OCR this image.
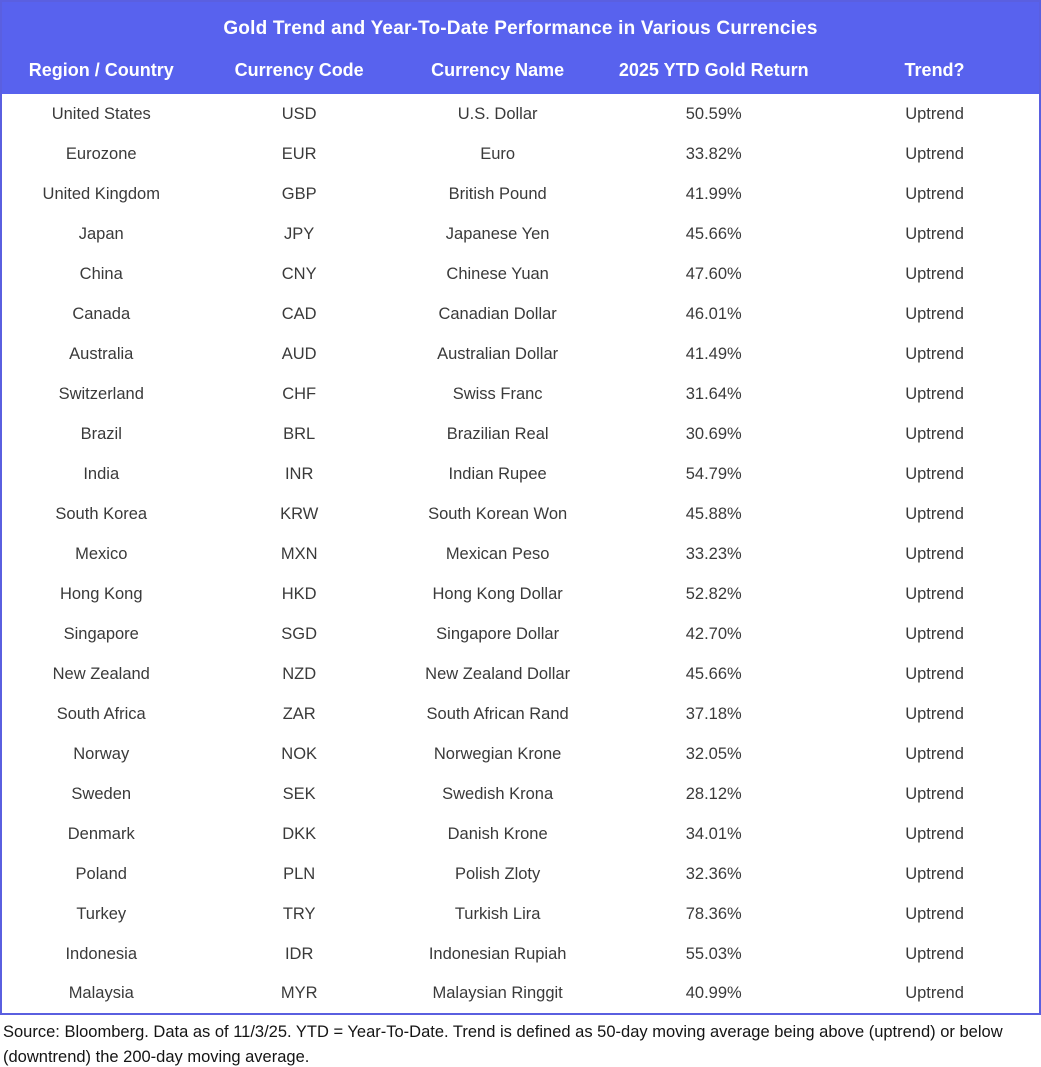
Gold Trend and Year-To-Date Performance in Various Currencies				
Region / Country	Currency Code	Currency Name	2025 YTD Gold Return	Trend?
United States	USD	U.S. Dollar	50.59%	Uptrend
Eurozone	EUR	Euro	33.82%	Uptrend
United Kingdom	GBP	British Pound	41.99%	Uptrend
Japan	JPY	Japanese Yen	45.66%	Uptrend
China	CNY	Chinese Yuan	47.60%	Uptrend
Canada	CAD	Canadian Dollar	46.01%	Uptrend
Australia	AUD	Australian Dollar	41.49%	Uptrend
Switzerland	CHF	Swiss Franc	31.64%	Uptrend
Brazil	BRL	Brazilian Real	30.69%	Uptrend
India	INR	Indian Rupee	54.79%	Uptrend
South Korea	KRW	South Korean Won	45.88%	Uptrend
Mexico	MXN	Mexican Peso	33.23%	Uptrend
Hong Kong	HKD	Hong Kong Dollar	52.82%	Uptrend
Singapore	SGD	Singapore Dollar	42.70%	Uptrend
New Zealand	NZD	New Zealand Dollar	45.66%	Uptrend
South Africa	ZAR	South African Rand	37.18%	Uptrend
Norway	NOK	Norwegian Krone	32.05%	Uptrend
Sweden	SEK	Swedish Krona	28.12%	Uptrend
Denmark	DKK	Danish Krone	34.01%	Uptrend
Poland	PLN	Polish Zloty	32.36%	Uptrend
Turkey	TRY	Turkish Lira	78.36%	Uptrend
Indonesia	IDR	Indonesian Rupiah	55.03%	Uptrend
Malaysia	MYR	Malaysian Ringgit	40.99%	Uptrend
Source: Bloomberg. Data as of 11/3/25. YTD = Year-To-Date. Trend is defined as 50-day moving average being above (uptrend) or below (downtrend) the 200-day moving average.
